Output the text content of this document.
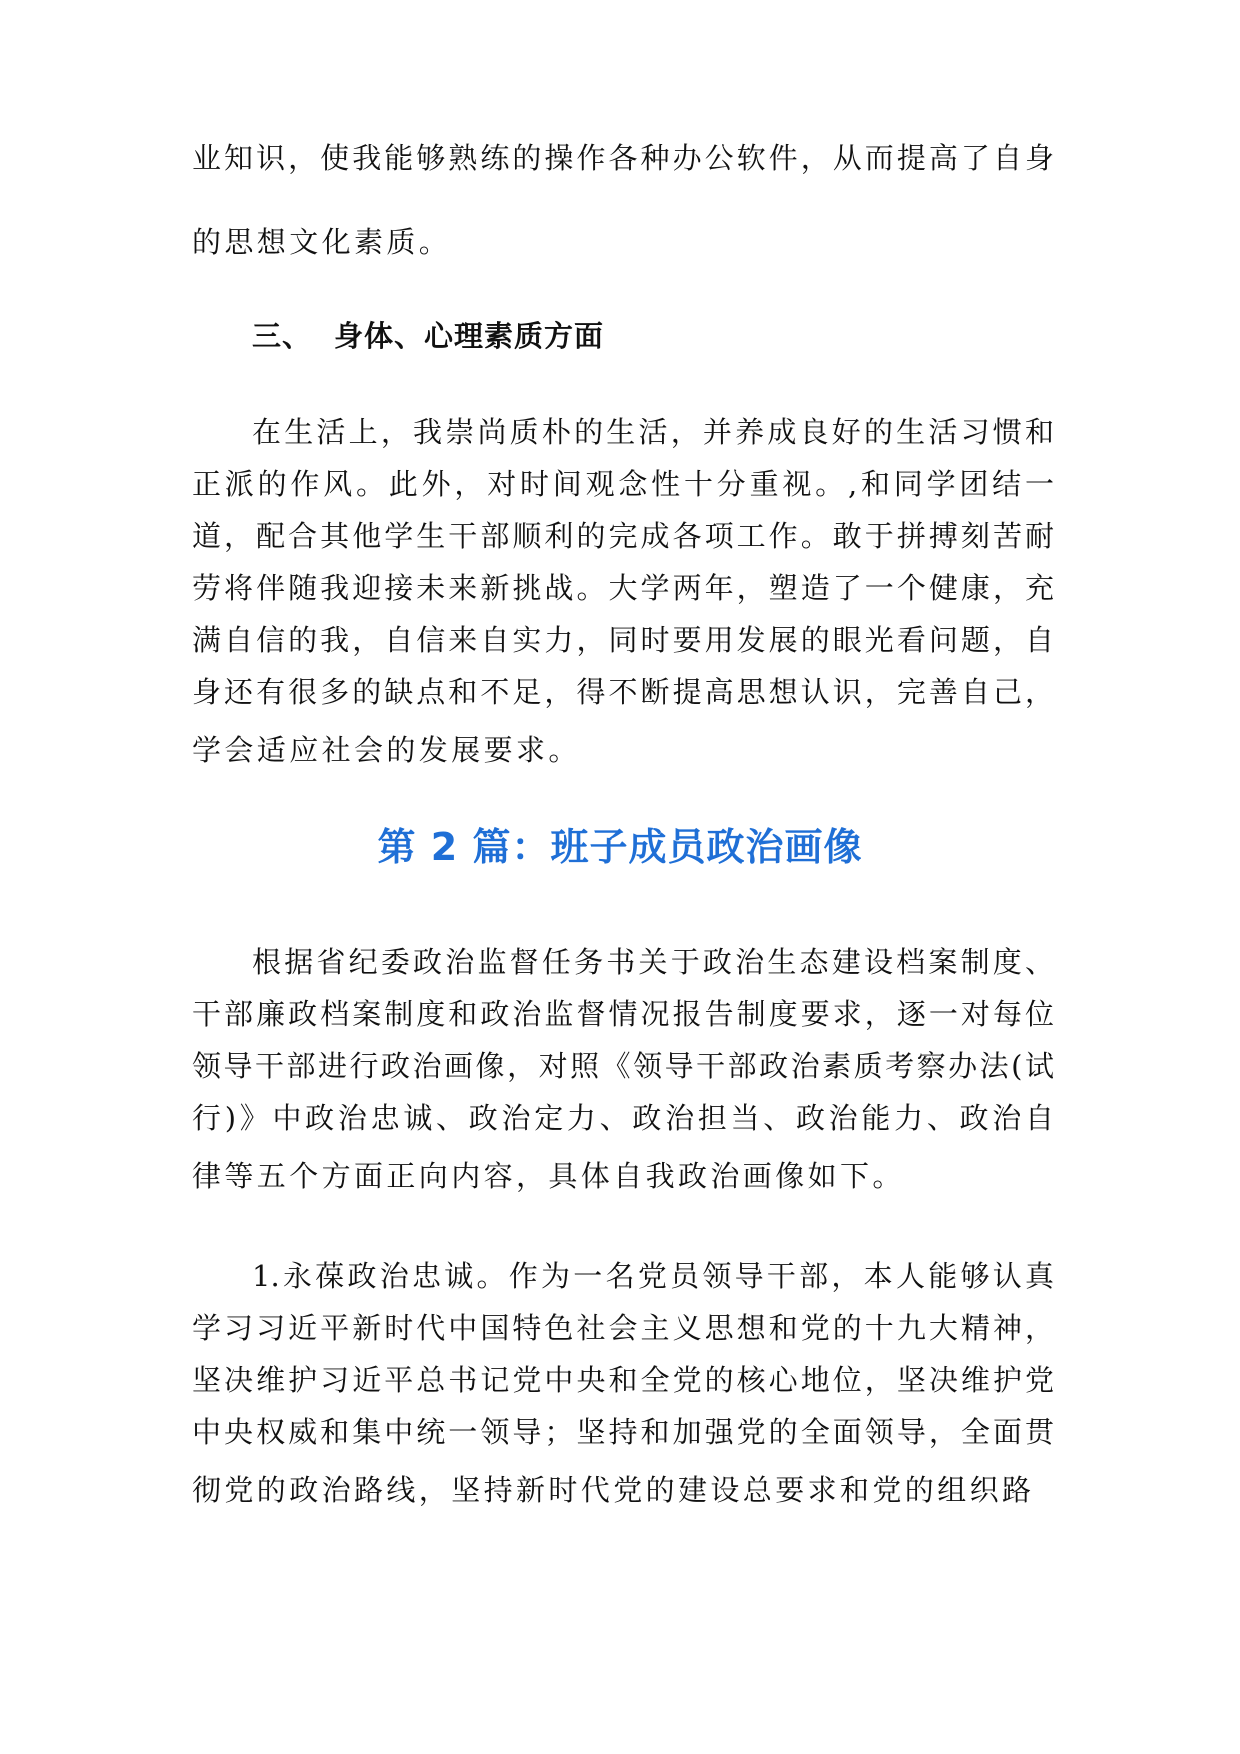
业知识，使我能够熟练的操作各种办公软件，从而提高了自身
的思想文化素质。
三、 身体、心理素质方面
在生活上，我崇尚质朴的生活，并养成良好的生活习惯和
正派的作风。此外，对时间观念性十分重视。,和同学团结一
道，配合其他学生干部顺利的完成各项工作。敢于拼搏刻苦耐
劳将伴随我迎接未来新挑战。大学两年，塑造了一个健康，充
满自信的我，自信来自实力，同时要用发展的眼光看问题，自
身还有很多的缺点和不足，得不断提高思想认识，完善自己，
学会适应社会的发展要求。
第 2 篇：班子成员政治画像
根据省纪委政治监督任务书关于政治生态建设档案制度、
干部廉政档案制度和政治监督情况报告制度要求，逐一对每位
领导干部进行政治画像，对照《领导干部政治素质考察办法(试
行)》中政治忠诚、政治定力、政治担当、政治能力、政治自
律等五个方面正向内容，具体自我政治画像如下。
1.永葆政治忠诚。作为一名党员领导干部，本人能够认真
学习习近平新时代中国特色社会主义思想和党的十九大精神，
坚决维护习近平总书记党中央和全党的核心地位，坚决维护党
中央权威和集中统一领导；坚持和加强党的全面领导，全面贯
彻党的政治路线，坚持新时代党的建设总要求和党的组织路
